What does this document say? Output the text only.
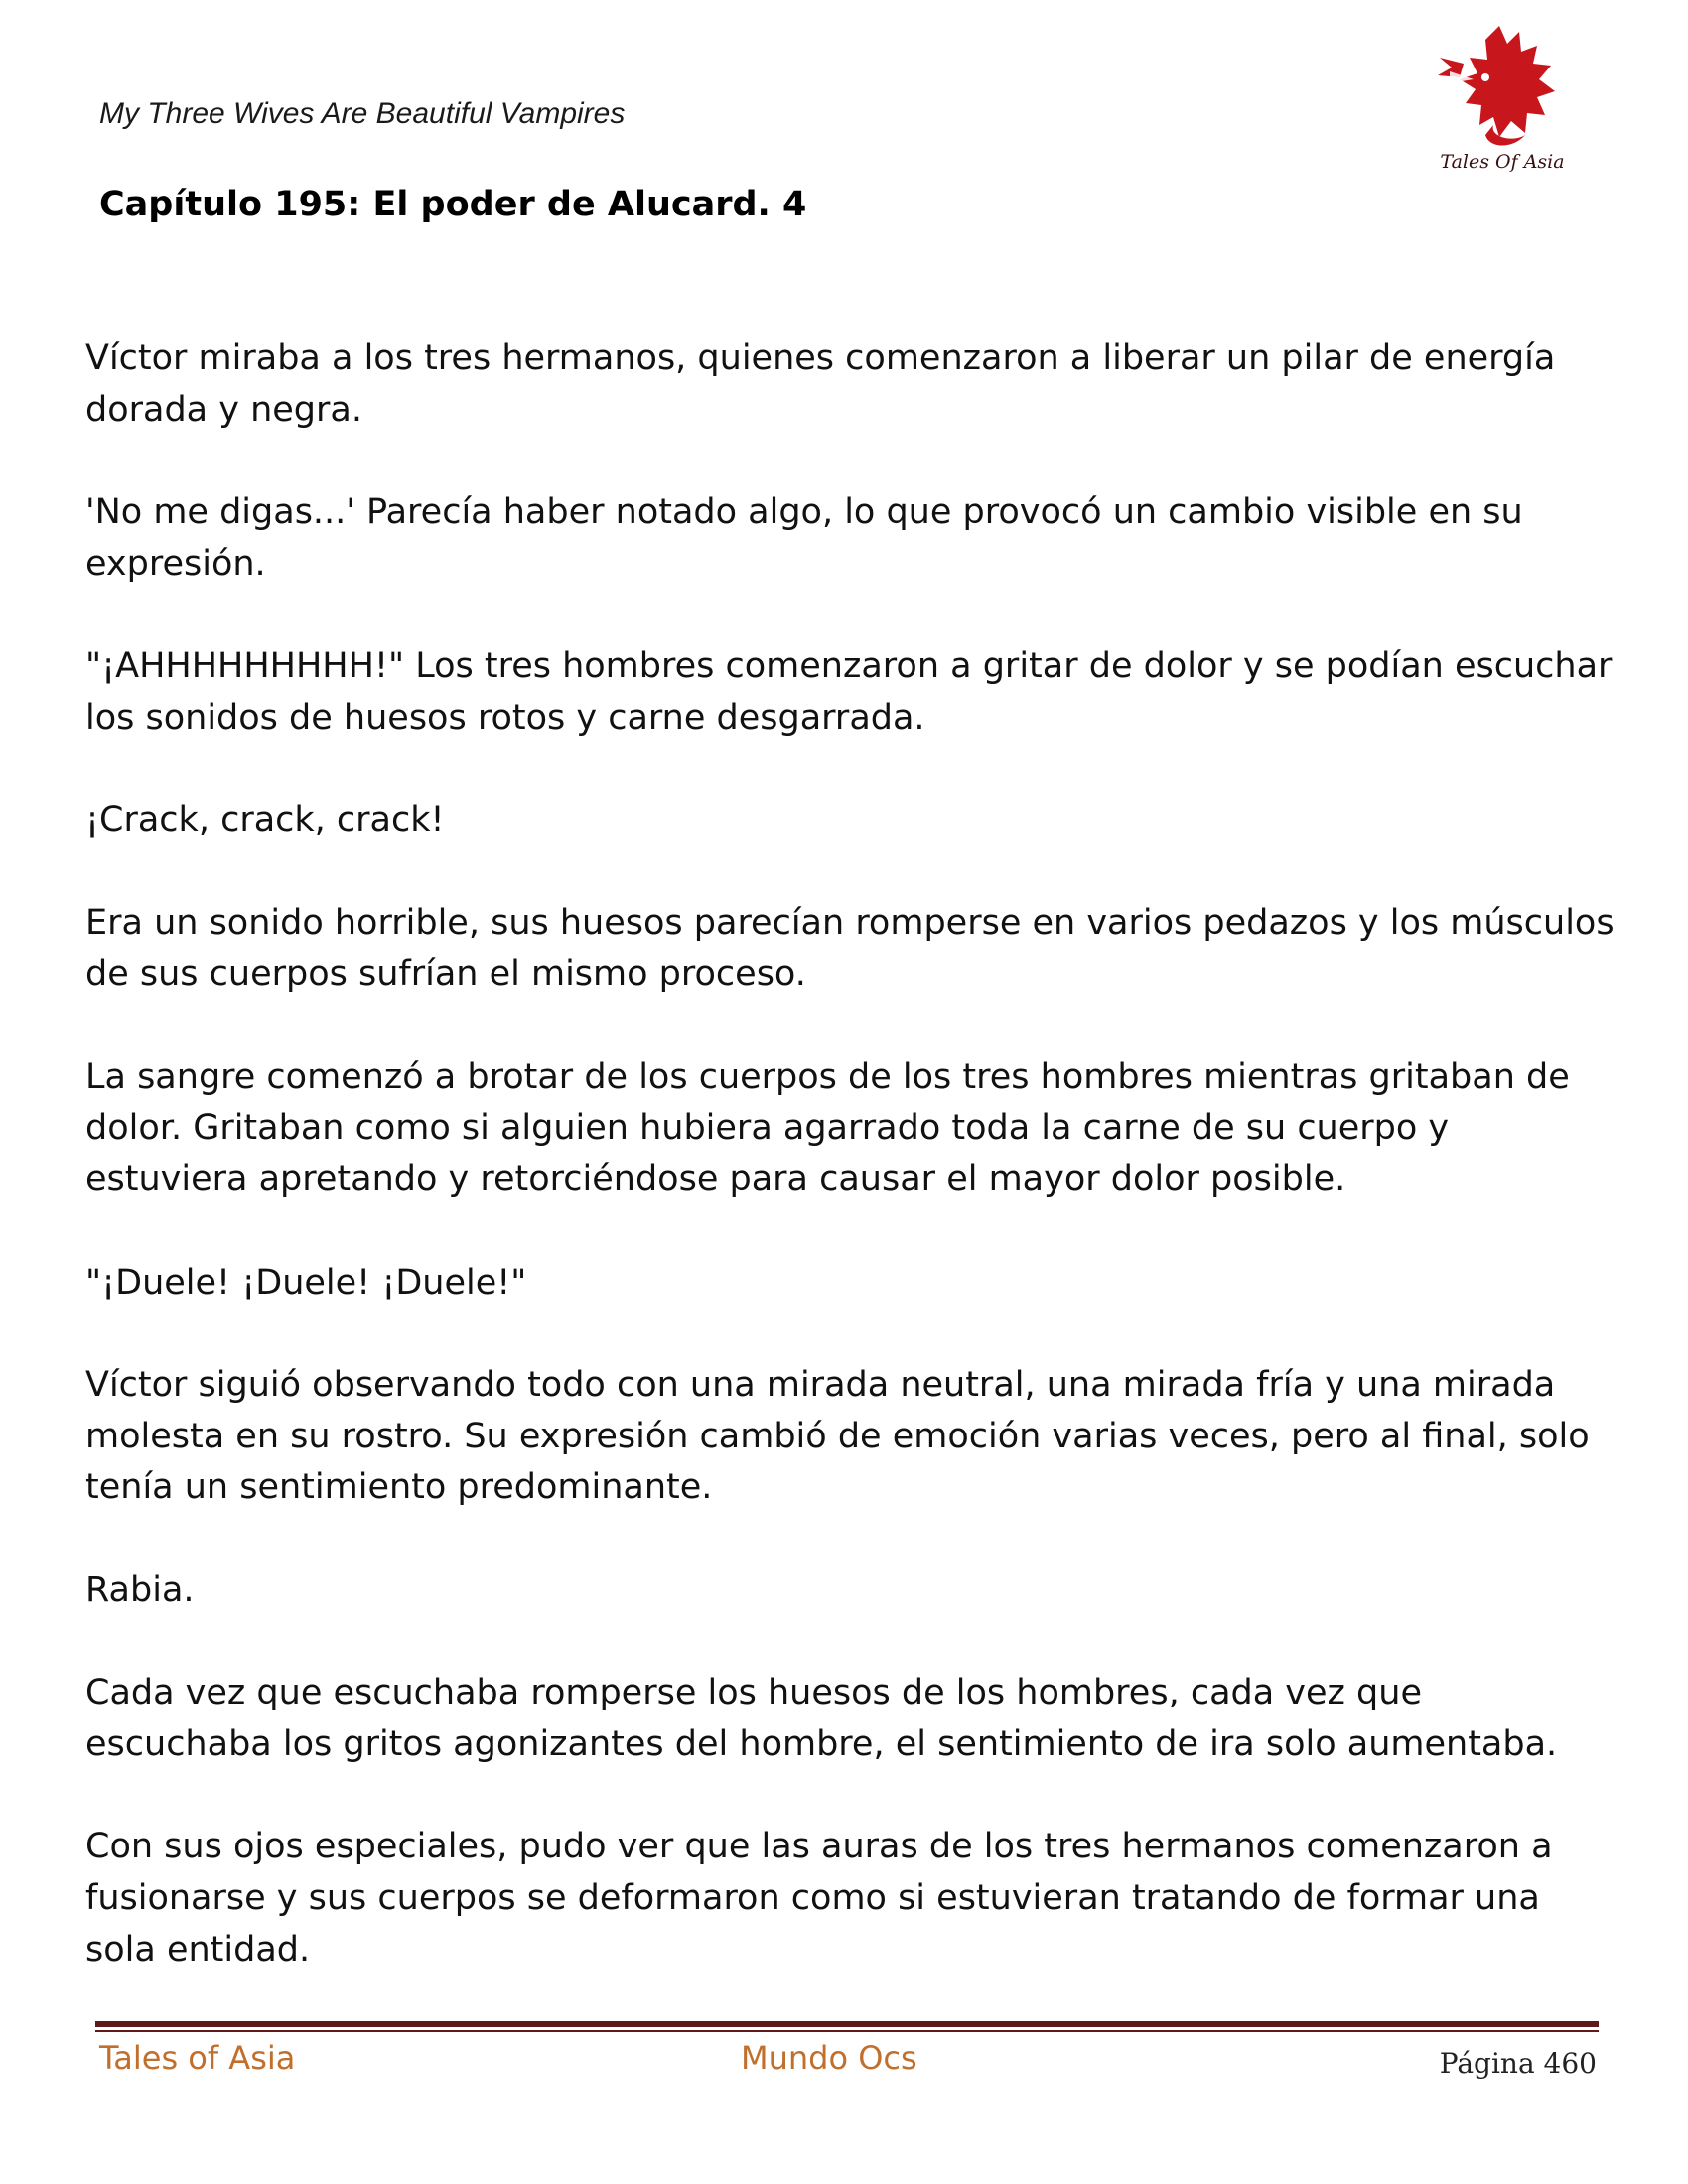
My Three Wives Are Beautiful Vampires
Tales Of Asia
Capítulo 195: El poder de Alucard. 4

Víctor miraba a los tres hermanos, quienes comenzaron a liberar un pilar de energía dorada y negra.

'No me digas...' Parecía haber notado algo, lo que provocó un cambio visible en su expresión.

"¡AHHHHHHHHH!" Los tres hombres comenzaron a gritar de dolor y se podían escuchar los sonidos de huesos rotos y carne desgarrada.

¡Crack, crack, crack!

Era un sonido horrible, sus huesos parecían romperse en varios pedazos y los músculos de sus cuerpos sufrían el mismo proceso.

La sangre comenzó a brotar de los cuerpos de los tres hombres mientras gritaban de dolor. Gritaban como si alguien hubiera agarrado toda la carne de su cuerpo y estuviera apretando y retorciéndose para causar el mayor dolor posible.

"¡Duele! ¡Duele! ¡Duele!"

Víctor siguió observando todo con una mirada neutral, una mirada fría y una mirada molesta en su rostro. Su expresión cambió de emoción varias veces, pero al final, solo tenía un sentimiento predominante.

Rabia.

Cada vez que escuchaba romperse los huesos de los hombres, cada vez que escuchaba los gritos agonizantes del hombre, el sentimiento de ira solo aumentaba.

Con sus ojos especiales, pudo ver que las auras de los tres hermanos comenzaron a fusionarse y sus cuerpos se deformaron como si estuvieran tratando de formar una sola entidad.

Tales of Asia	Mundo Ocs	Página 460
